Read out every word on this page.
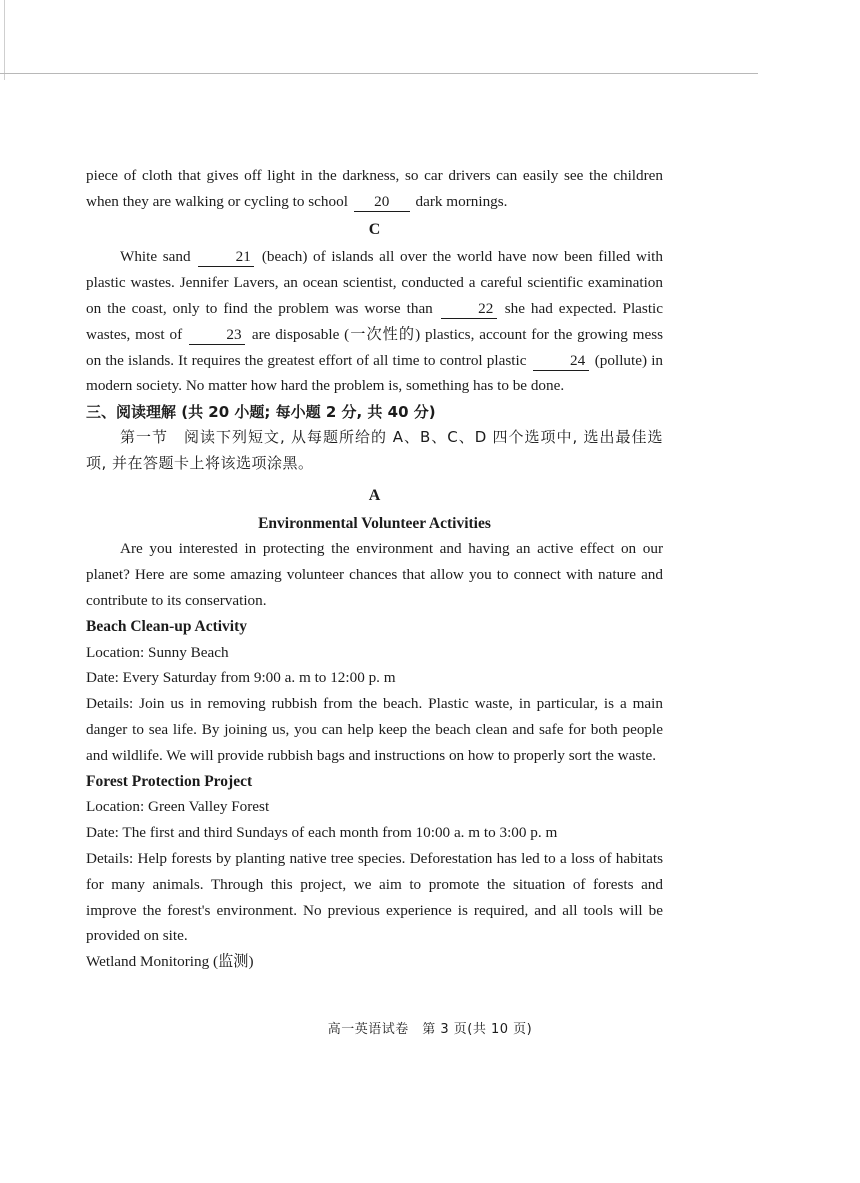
piece of cloth that gives off light in the darkness, so car drivers can easily see the children when they are walking or cycling to school 20 dark mornings.

C

White sand	21 (beach) of islands all over the world have now been filled with plastic wastes. Jennifer Lavers, an ocean scientist, conducted a careful scientific examination on the coast, only to find the problem was worse than	22 she had expected. Plastic wastes, most of	23 are disposable (一次性的) plastics, account for the growing mess on the islands. It requires the greatest effort of all time to control plastic	24 (pollute) in modern society. No matter how hard the problem is, something has to be done.

三、阅读理解 (共 20 小题; 每小题 2 分, 共 40 分)

第一节　阅读下列短文, 从每题所给的 A、B、C、D 四个选项中, 选出最佳选项, 并在答题卡上将该选项涂黑。

A
Environmental Volunteer Activities

Are you interested in protecting the environment and having an active effect on our planet? Here are some amazing volunteer chances that allow you to connect with nature and contribute to its conservation.

Beach Clean-up Activity

Location: Sunny Beach

Date: Every Saturday from 9:00 a. m to 12:00 p. m

Details: Join us in removing rubbish from the beach. Plastic waste, in particular, is a main danger to sea life. By joining us, you can help keep the beach clean and safe for both people and wildlife. We will provide rubbish bags and instructions on how to properly sort the waste.

Forest Protection Project

Location: Green Valley Forest

Date: The first and third Sundays of each month from 10:00 a. m to 3:00 p. m

Details: Help forests by planting native tree species. Deforestation has led to a loss of habitats for many animals. Through this project, we aim to promote the situation of forests and improve the forest's environment. No previous experience is required, and all tools will be provided on site.

Wetland Monitoring (监测)

高一英语试卷　第 3 页(共 10 页)
